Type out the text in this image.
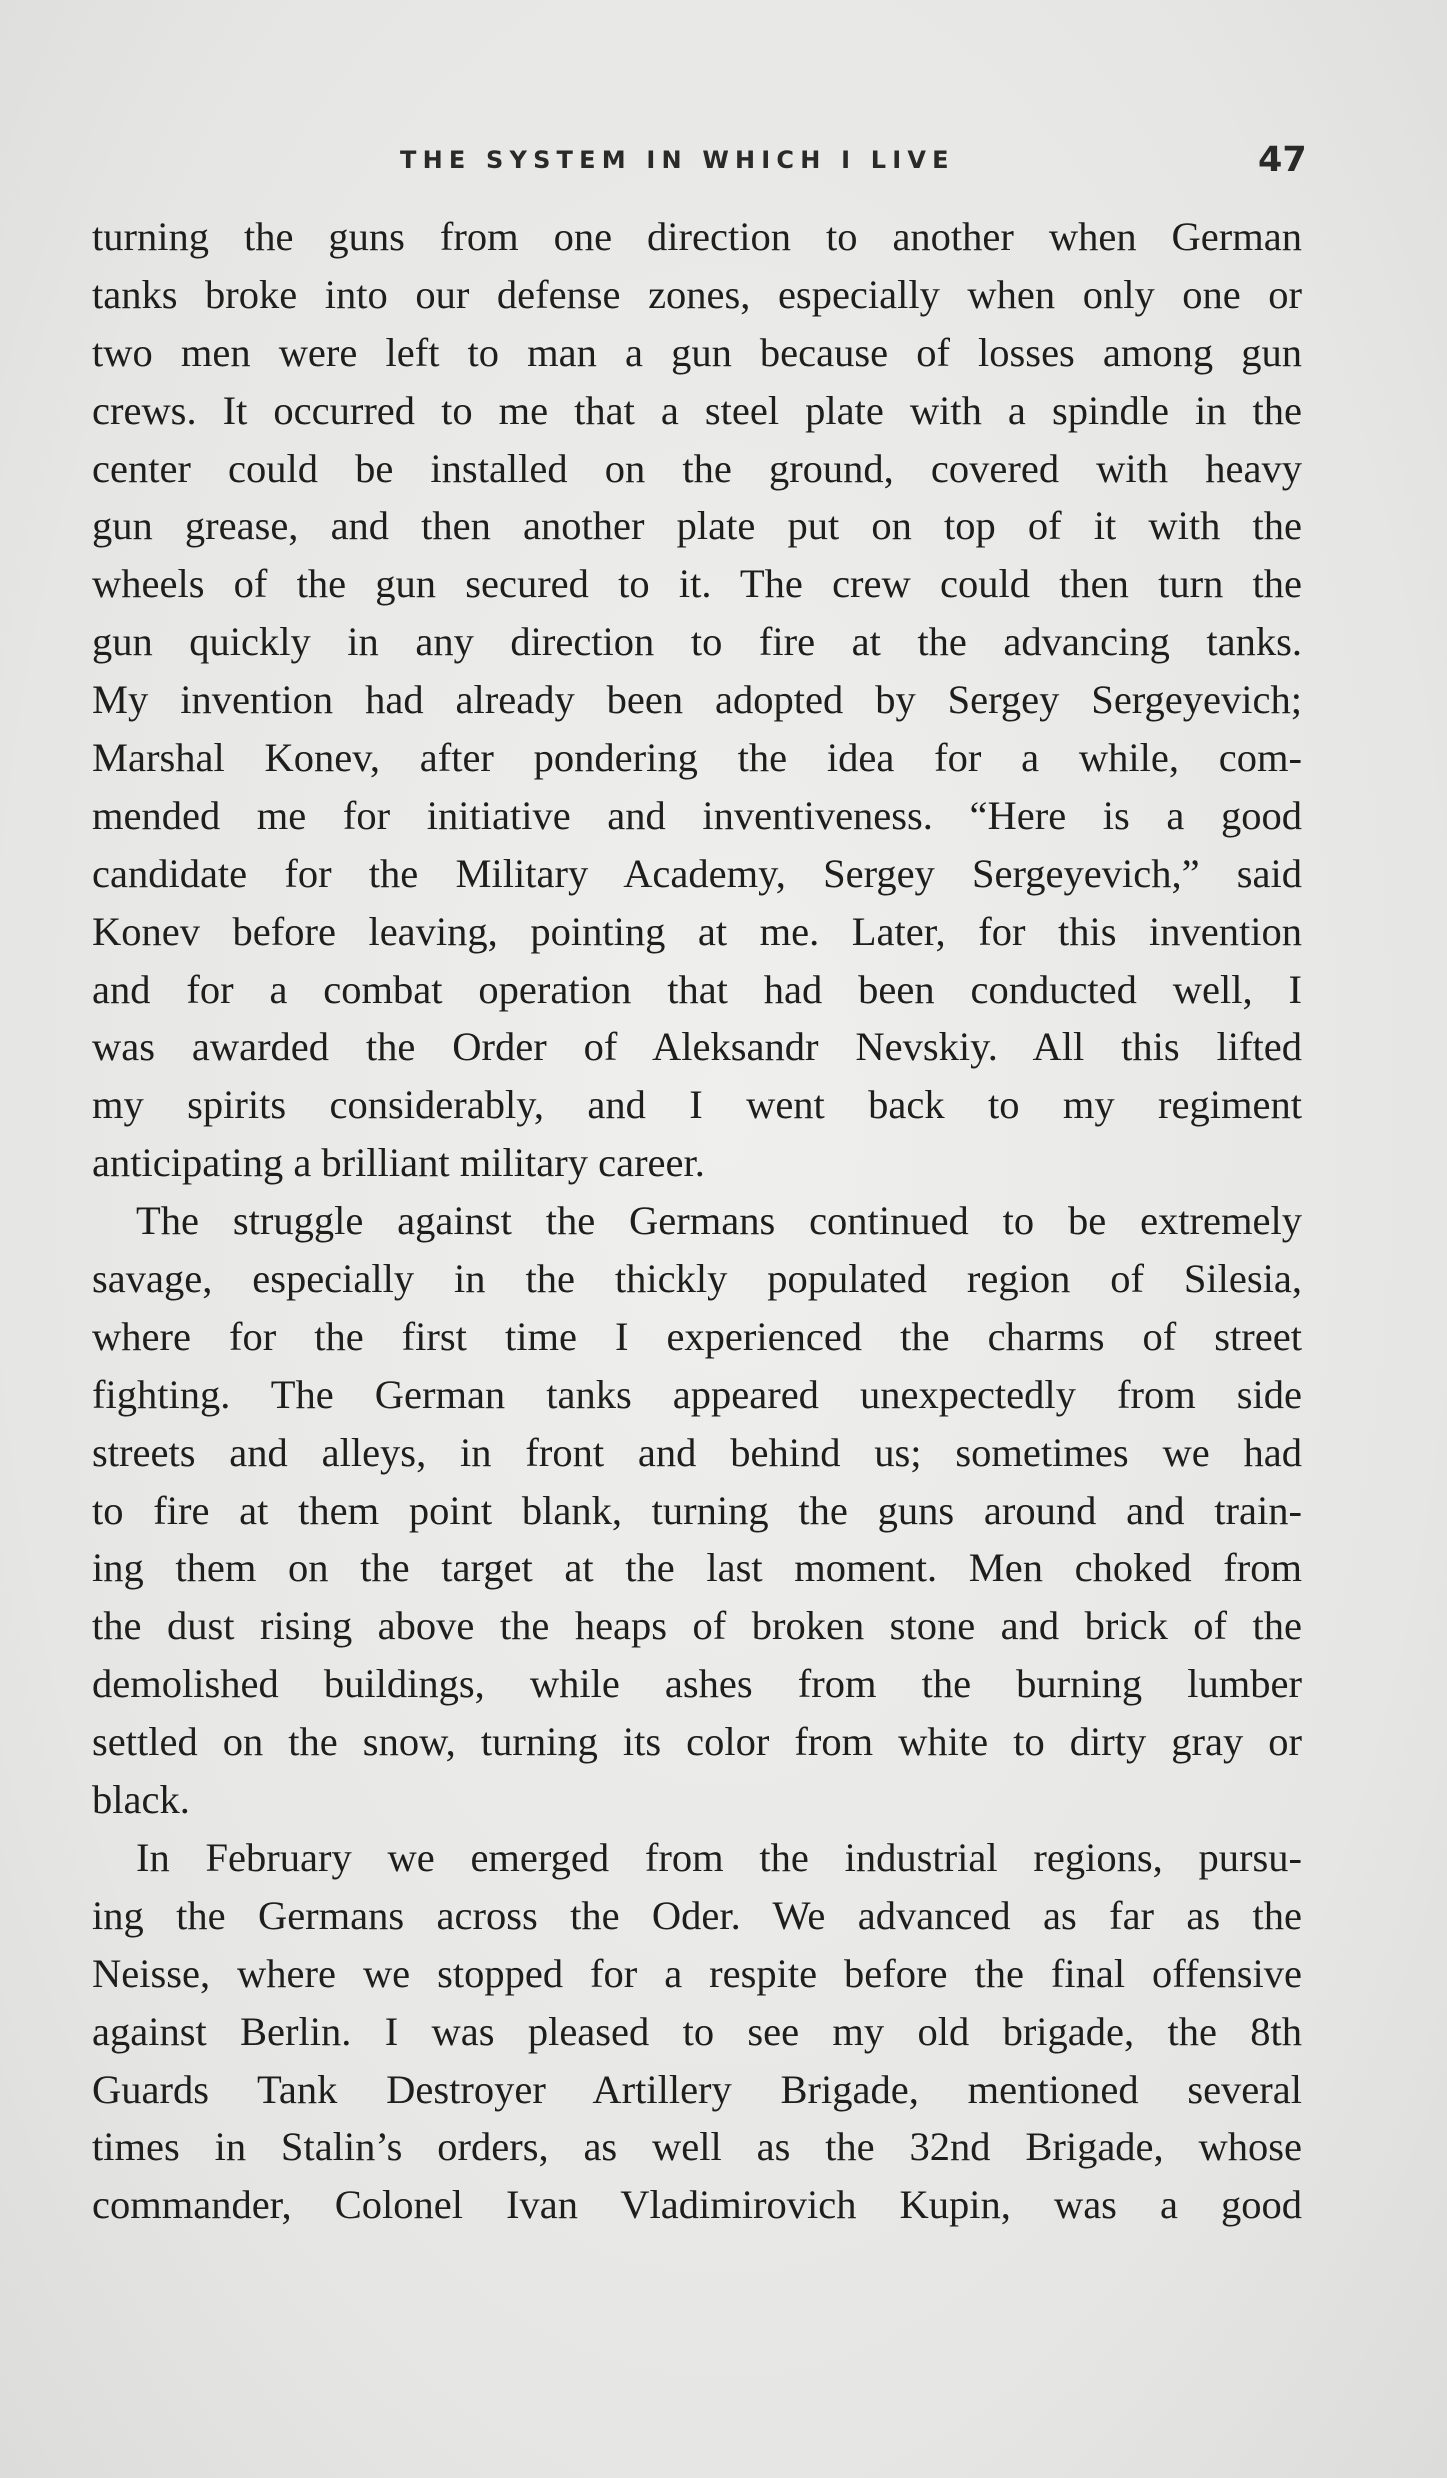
THE SYSTEM IN WHICH I LIVE	47
turning the guns from one direction to another when German
tanks broke into our defense zones, especially when only one or
two men were left to man a gun because of losses among gun
crews. It occurred to me that a steel plate with a spindle in the
center could be installed on the ground, covered with heavy
gun grease, and then another plate put on top of it with the
wheels of the gun secured to it. The crew could then turn the
gun quickly in any direction to fire at the advancing tanks.
My invention had already been adopted by Sergey Sergeyevich;
Marshal Konev, after pondering the idea for a while, com-
mended me for initiative and inventiveness. “Here is a good
candidate for the Military Academy, Sergey Sergeyevich,” said
Konev before leaving, pointing at me. Later, for this invention
and for a combat operation that had been conducted well, I
was awarded the Order of Aleksandr Nevskiy. All this lifted
my spirits considerably, and I went back to my regiment
anticipating a brilliant military career.
The struggle against the Germans continued to be extremely
savage, especially in the thickly populated region of Silesia,
where for the first time I experienced the charms of street
fighting. The German tanks appeared unexpectedly from side
streets and alleys, in front and behind us; sometimes we had
to fire at them point blank, turning the guns around and train-
ing them on the target at the last moment. Men choked from
the dust rising above the heaps of broken stone and brick of the
demolished buildings, while ashes from the burning lumber
settled on the snow, turning its color from white to dirty gray or
black.
In February we emerged from the industrial regions, pursu-
ing the Germans across the Oder. We advanced as far as the
Neisse, where we stopped for a respite before the final offensive
against Berlin. I was pleased to see my old brigade, the 8th
Guards Tank Destroyer Artillery Brigade, mentioned several
times in Stalin’s orders, as well as the 32nd Brigade, whose
commander, Colonel Ivan Vladimirovich Kupin, was a good
